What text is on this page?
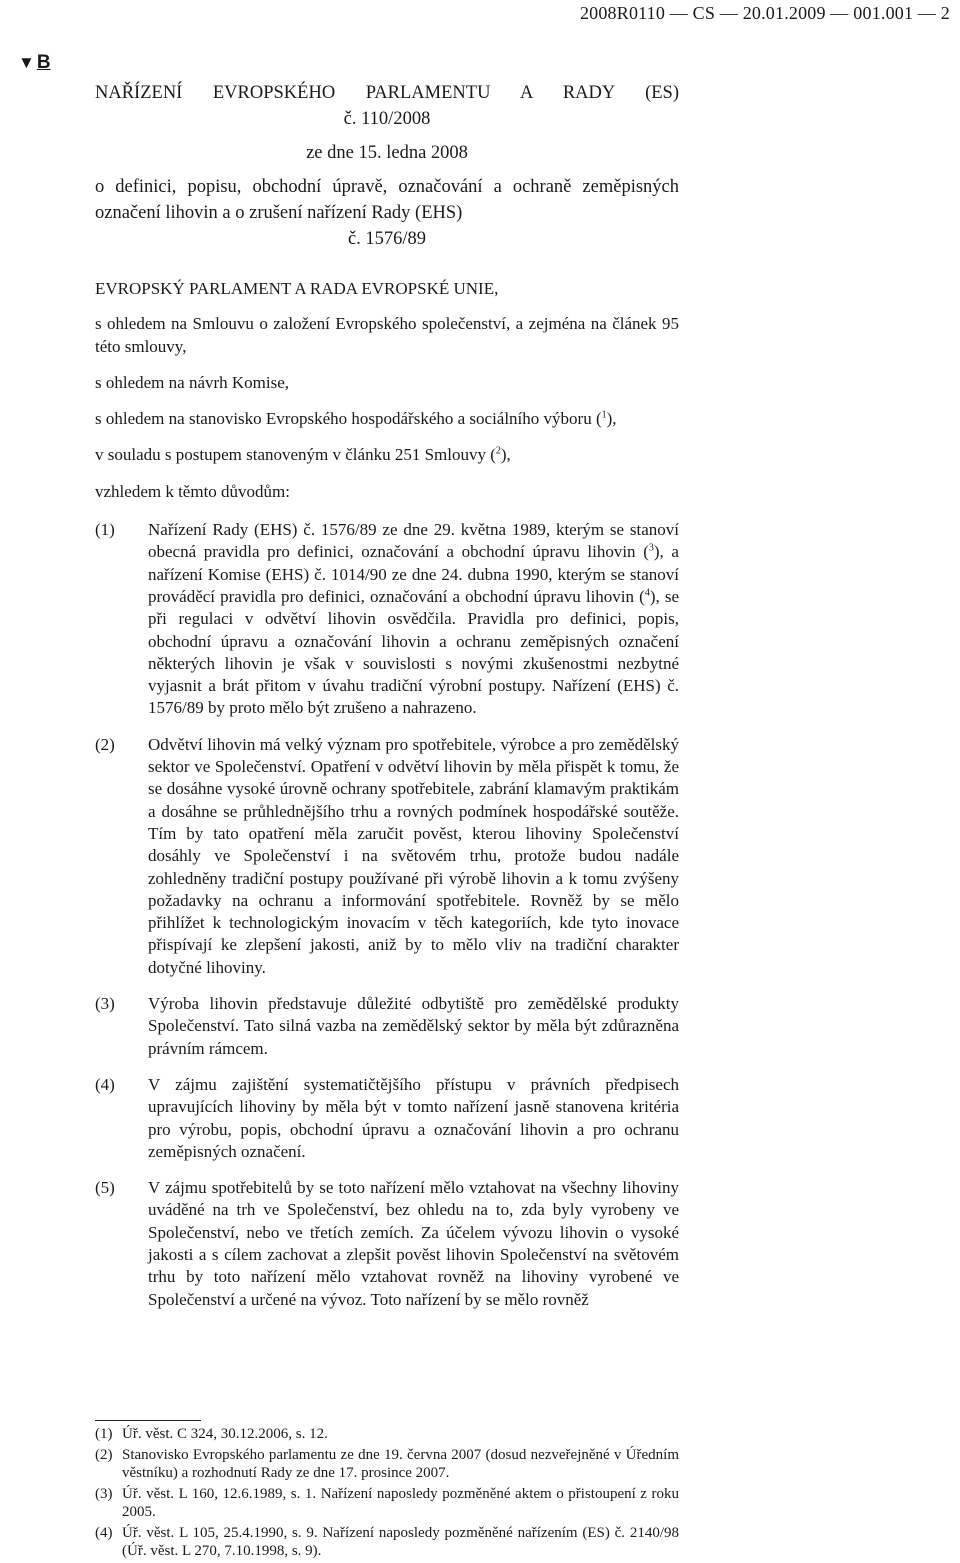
2008R0110 — CS — 20.01.2009 — 001.001 — 2
▼ B

NAŘÍZENÍ EVROPSKÉHO PARLAMENTU A RADY (ES)

č. 110/2008

ze dne 15. ledna 2008

o definici, popisu, obchodní úpravě, označování a ochraně zeměpisných označení lihovin a o zrušení nařízení Rady (EHS)

č. 1576/89

EVROPSKÝ PARLAMENT A RADA EVROPSKÉ UNIE,

s ohledem na Smlouvu o založení Evropského společenství, a zejména na článek 95 této smlouvy,

s ohledem na návrh Komise,

s ohledem na stanovisko Evropského hospodářského a sociálního výboru ($^1$),

v souladu s postupem stanoveným v článku 251 Smlouvy ($^2$),

vzhledem k těmto důvodům:

(1)	Nařízení Rady (EHS) č. 1576/89 ze dne 29. května 1989, kterým se stanoví obecná pravidla pro definici, označování a obchodní úpravu lihovin ($^3$), a nařízení Komise (EHS) č. 1014/90 ze dne 24. dubna 1990, kterým se stanoví prováděcí pravidla pro definici, označování a obchodní úpravu lihovin ($^4$), se při regulaci v odvětví lihovin osvědčila. Pravidla pro definici, popis, obchodní úpravu a označování lihovin a ochranu zeměpisných označení některých lihovin je však v souvislosti s novými zkušenostmi nezbytné vyjasnit a brát přitom v úvahu tradiční výrobní postupy. Nařízení (EHS) č. 1576/89 by proto mělo být zrušeno a nahrazeno.
(2)	Odvětví lihovin má velký význam pro spotřebitele, výrobce a pro zemědělský sektor ve Společenství. Opatření v odvětví lihovin by měla přispět k tomu, že se dosáhne vysoké úrovně ochrany spotřebitele, zabrání klamavým praktikám a dosáhne se průhlednějšího trhu a rovných podmínek hospodářské soutěže. Tím by tato opatření měla zaručit pověst, kterou lihoviny Společenství dosáhly ve Společenství i na světovém trhu, protože budou nadále zohledněny tradiční postupy používané při výrobě lihovin a k tomu zvýšeny požadavky na ochranu a informování spotřebitele. Rovněž by se mělo přihlížet k technologickým inovacím v těch kategoriích, kde tyto inovace přispívají ke zlepšení jakosti, aniž by to mělo vliv na tradiční charakter dotyčné lihoviny.
(3)	Výroba lihovin představuje důležité odbytiště pro zemědělské produkty Společenství. Tato silná vazba na zemědělský sektor by měla být zdůrazněna právním rámcem.
(4)	V zájmu zajištění systematičtějšího přístupu v právních předpisech upravujících lihoviny by měla být v tomto nařízení jasně stanovena kritéria pro výrobu, popis, obchodní úpravu a označování lihovin a pro ochranu zeměpisných označení.
(5)	V zájmu spotřebitelů by se toto nařízení mělo vztahovat na všechny lihoviny uváděné na trh ve Společenství, bez ohledu na to, zda byly vyrobeny ve Společenství, nebo ve třetích zemích. Za účelem vývozu lihovin o vysoké jakosti a s cílem zachovat a zlepšit pověst lihovin Společenství na světovém trhu by toto nařízení mělo vztahovat rovněž na lihoviny vyrobené ve Společenství a určené na vývoz. Toto nařízení by se mělo rovněž
(1) Úř. věst. C 324, 30.12.2006, s. 12.
(2) Stanovisko Evropského parlamentu ze dne 19. června 2007 (dosud nezveřejněné v Úředním věstníku) a rozhodnutí Rady ze dne 17. prosince 2007.
(3) Úř. věst. L 160, 12.6.1989, s. 1. Nařízení naposledy pozměněné aktem o přistoupení z roku 2005.
(4) Úř. věst. L 105, 25.4.1990, s. 9. Nařízení naposledy pozměněné nařízením (ES) č. 2140/98 (Úř. věst. L 270, 7.10.1998, s. 9).
